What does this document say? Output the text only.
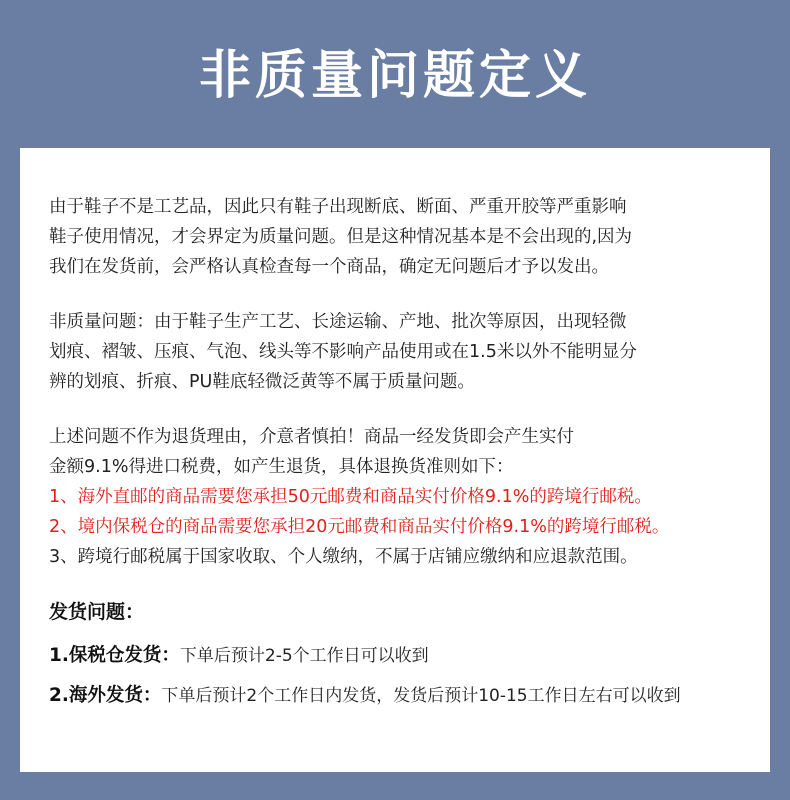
非质量问题定义

由于鞋子不是工艺品，因此只有鞋子出现断底、断面、严重开胶等严重影响

鞋子使用情况，才会界定为质量问题。但是这种情况基本是不会出现的,因为

我们在发货前，会严格认真检查每一个商品，确定无问题后才予以发出。

非质量问题：由于鞋子生产工艺、长途运输、产地、批次等原因，出现轻微

划痕、褶皱、压痕、气泡、线头等不影响产品使用或在1.5米以外不能明显分

辨的划痕、折痕、PU鞋底轻微泛黄等不属于质量问题。

上述问题不作为退货理由，介意者慎拍！商品一经发货即会产生实付

金额9.1%得进口税费，如产生退货，具体退换货准则如下：

1、海外直邮的商品需要您承担50元邮费和商品实付价格9.1%的跨境行邮税。

2、境内保税仓的商品需要您承担20元邮费和商品实付价格9.1%的跨境行邮税。

3、跨境行邮税属于国家收取、个人缴纳，不属于店铺应缴纳和应退款范围。

发货问题：

1.保税仓发货：下单后预计2-5个工作日可以收到

2.海外发货：下单后预计2个工作日内发货，发货后预计10-15工作日左右可以收到
